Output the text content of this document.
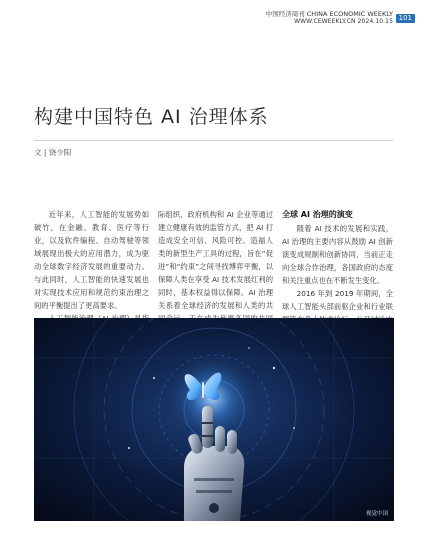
中国经济周刊 CHINA ECONOMIC WEEKLY
WWW.CEWEEKLY.CN 2024.10.15 101
构建中国特色 AI 治理体系
文 | 饶少阳

近年来，人工智能的发展势如破竹，在金融、教育、医疗等行业，以及软件编程、自动驾驶等领域展现出极大的应用潜力，成为驱动全球数字经济发展的重要动力。与此同时，人工智能的快速发展也对实现技术应用和规范约束治理之间的平衡提出了更高要求。

际组织、政府机构和 AI 企业等通过建立健康有效的监管方式，把 AI 打造成安全可信、风险可控、造福人类的新型生产工具的过程，旨在“促进”和“约束”之间寻找博弈平衡，以保障人类在享受 AI 技术发展红利的同时，基本权益得以保障。AI 治理关系着全球经济的发展和人类的共

全球 AI 治理的演变

随着 AI 技术的发展和实践，AI 治理的主要内容从鼓励 AI 创新演变成规制和创新协同，当前正走向全球合作治理，各国政府的态度和关注重点也在不断发生变化。

2016 年到 2019 年期间，全球人工智能头部前驱企业和行业联

视觉中国
